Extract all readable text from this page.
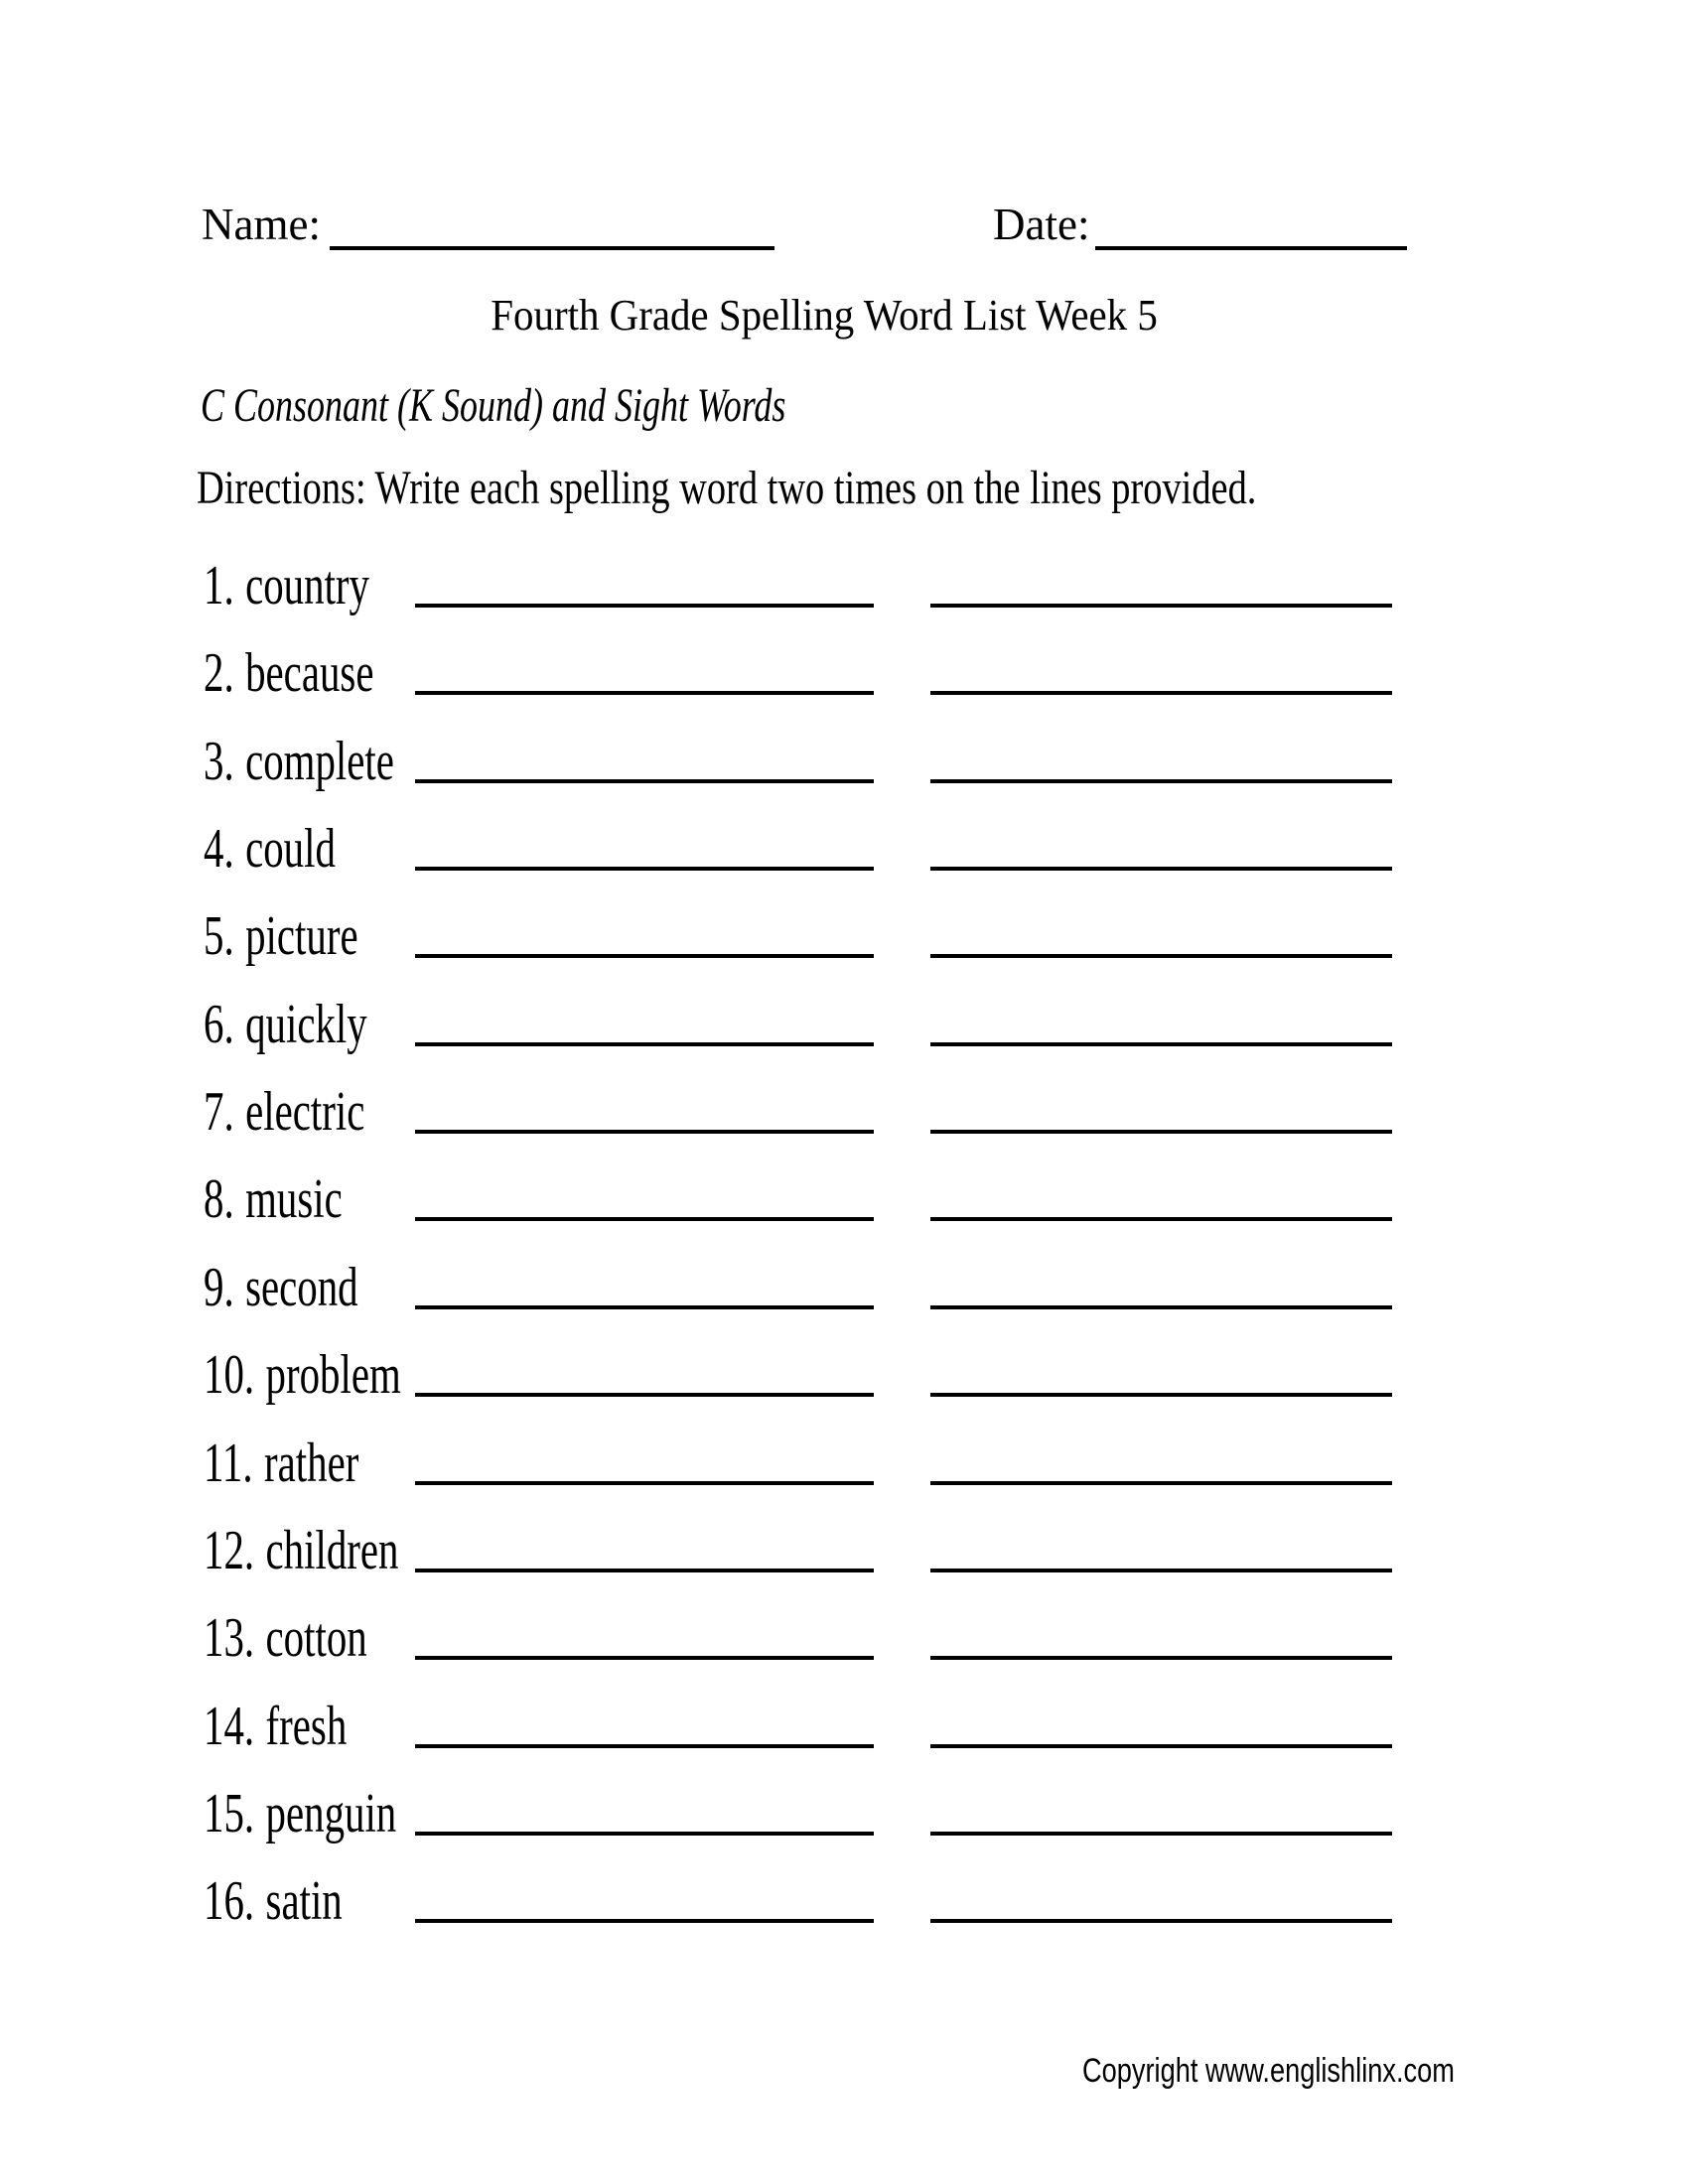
Name:	Date:
Fourth Grade Spelling Word List Week 5
C Consonant (K Sound) and Sight Words
Directions: Write each spelling word two times on the lines provided.
1. country
2. because
3. complete
4. could
5. picture
6. quickly
7. electric
8. music
9. second
10. problem
11. rather
12. children
13. cotton
14. fresh
15. penguin
16. satin
Copyright www.englishlinx.com
